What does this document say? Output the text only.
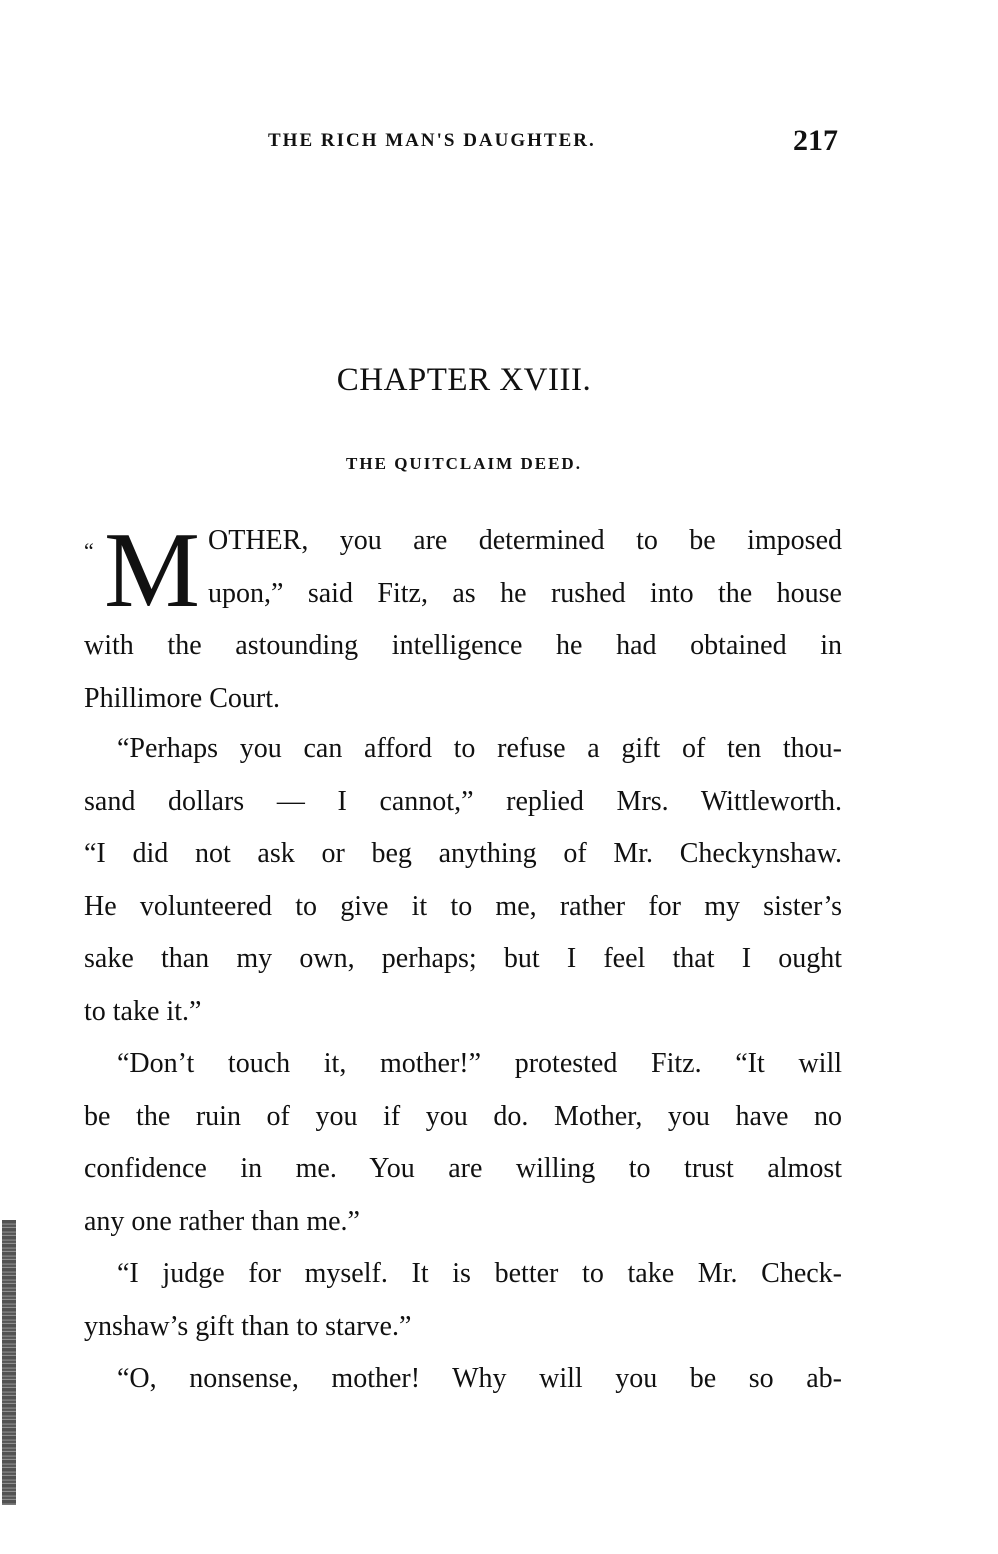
THE RICH MAN'S DAUGHTER.	217
CHAPTER XVIII.
THE QUITCLAIM DEED.
“ M OTHER, you are determined to be imposed
upon,” said Fitz, as he rushed into the house
with the astounding intelligence he had obtained in
Phillimore Court.
“Perhaps you can afford to refuse a gift of ten thou-
sand dollars — I cannot,” replied Mrs. Wittleworth.
“I did not ask or beg anything of Mr. Checkynshaw.
He volunteered to give it to me, rather for my sister’s
sake than my own, perhaps; but I feel that I ought
to take it.”
“Don’t touch it, mother!” protested Fitz. “It will
be the ruin of you if you do. Mother, you have no
confidence in me. You are willing to trust almost
any one rather than me.”
“I judge for myself. It is better to take Mr. Check-
ynshaw’s gift than to starve.”
“O, nonsense, mother! Why will you be so ab-
